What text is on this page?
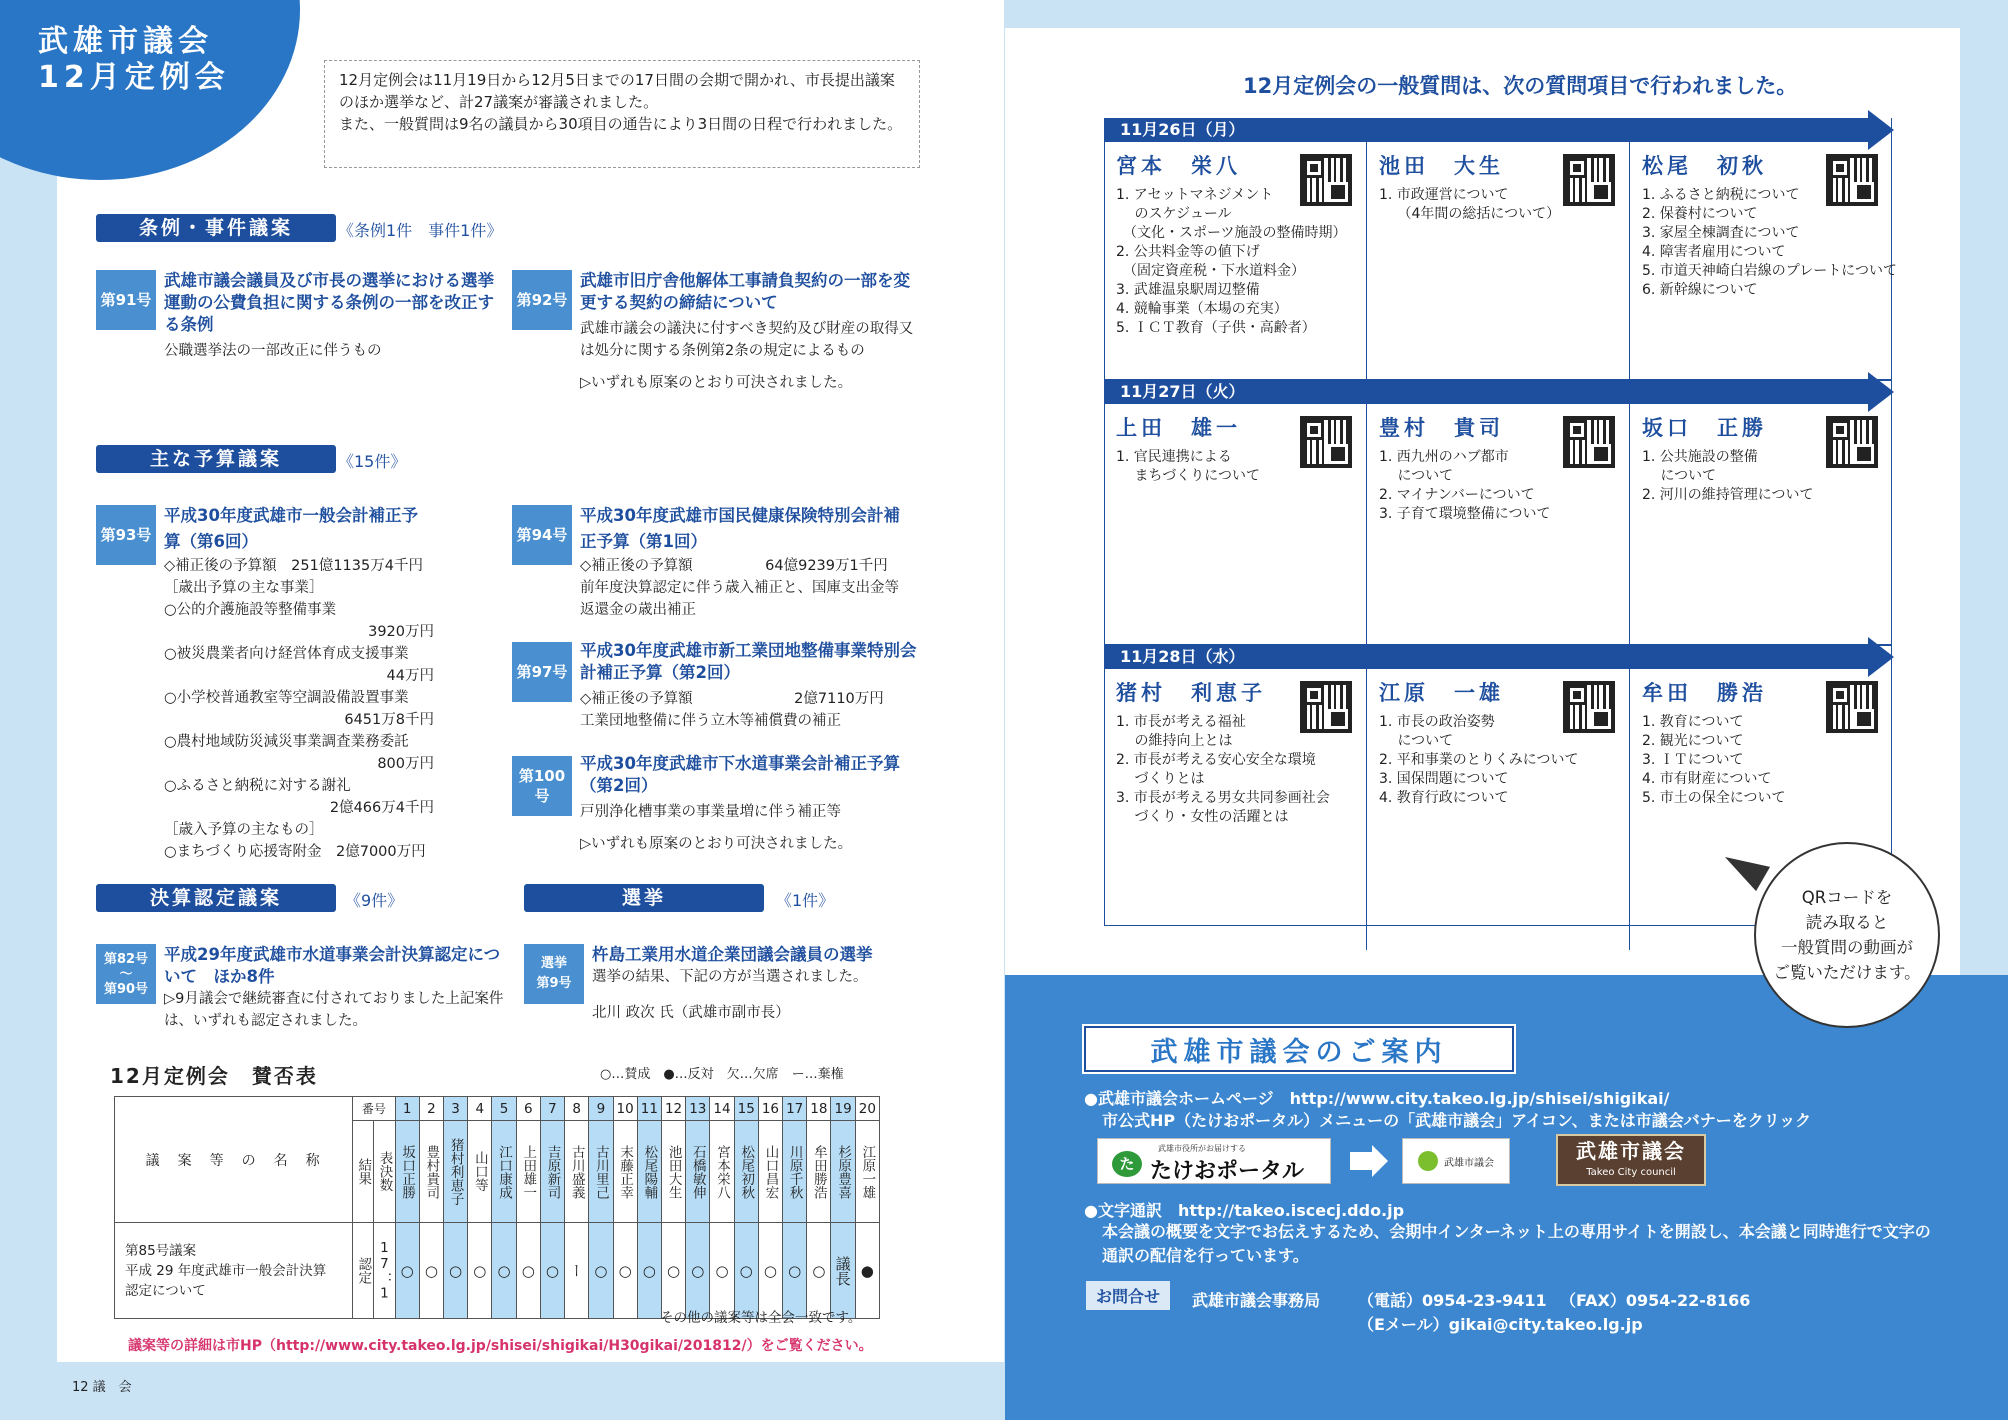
武雄市議会
12月定例会	12月定例会は11月19日から12月5日までの17日間の会期で開かれ、市長提出議案のほか選挙など、計27議案が審議されました。
また、一般質問は9名の議員から30項目の通告により3日間の日程で行われました。
条例・事件議案	《条例1件　事件1件》
第91号
武雄市議会議員及び市長の選挙における選挙運動の公費負担に関する条例の一部を改正する条例
公職選挙法の一部改正に伴うもの
第92号
武雄市旧庁舎他解体工事請負契約の一部を変更する契約の締結について
武雄市議会の議決に付すべき契約及び財産の取得又は処分に関する条例第2条の規定によるもの
▷いずれも原案のとおり可決されました。
主な予算議案	《15件》
第93号
平成30年度武雄市一般会計補正予算（第6回）
◇補正後の予算額　251億1135万4千円
［歳出予算の主な事業］
○公的介護施設等整備事業
3920万円
○被災農業者向け経営体育成支援事業
44万円
○小学校普通教室等空調設備設置事業
6451万8千円
○農村地域防災減災事業調査業務委託
800万円
○ふるさと納税に対する謝礼
2億466万4千円
［歳入予算の主なもの］
○まちづくり応援寄附金　2億7000万円
第94号
平成30年度武雄市国民健康保険特別会計補正予算（第1回）
◇補正後の予算額　　　　　64億9239万1千円
前年度決算認定に伴う歳入補正と、国庫支出金等返還金の歳出補正
第97号
平成30年度武雄市新工業団地整備事業特別会計補正予算（第2回）
◇補正後の予算額　　　　　　　2億7110万円
工業団地整備に伴う立木等補償費の補正
第100号
平成30年度武雄市下水道事業会計補正予算（第2回）
戸別浄化槽事業の事業量増に伴う補正等
▷いずれも原案のとおり可決されました。
決算認定議案	《9件》	選挙	《1件》
第82号
〜
第90号
平成29年度武雄市水道事業会計決算認定について　ほか8件
▷9月議会で継続審査に付されておりました上記案件は、いずれも認定されました。
選挙
第9号
杵島工業用水道企業団議会議員の選挙
選挙の結果、下記の方が当選されました。
北川 政次 氏（武雄市副市長）
12月定例会　賛否表	○…賛成　●…反対　欠…欠席　ー…棄権
議　案　等　の　名　称	番号		1	2	3	4	5	6	7	8	9	10	11	12	13	14	15	16	17	18	19	20

	結果	表決数	坂口正勝	豊村貴司	猪村利恵子	山口等	江口康成	上田雄一	吉原新司	古川盛義	古川里己	末藤正幸	松尾陽輔	池田大生	石橋敏伸	宮本栄八	松尾初秋	山口昌宏	川原千秋	牟田勝浩	杉原豊喜	江原一雄

第85号議案
平成 29 年度武雄市一般会計決算
認定について	認定	17：1	○	○	○	○	○	○	○	ー	○	○	○	○	○	○	○	○	○	○	議長	●
その他の議案等は全会一致です。
議案等の詳細は市HP（http://www.city.takeo.lg.jp/shisei/shigikai/H30gikai/201812/）をご覧ください。
12 議　会
12月定例会の一般質問は、次の質問項目で行われました。
11月26日（月）
宮本　栄八
1. アセットマネジメント
　 のスケジュール
　（文化・スポーツ施設の整備時期）
2. 公共料金等の値下げ
　（固定資産税・下水道料金）
3. 武雄温泉駅周辺整備
4. 競輪事業（本場の充実）
5. ＩＣＴ教育（子供・高齢者）
池田　大生
1. 市政運営について
　 （4年間の総括について）
松尾　初秋
1. ふるさと納税について
2. 保養村について
3. 家屋全棟調査について
4. 障害者雇用について
5. 市道天神崎白岩線のプレートについて
6. 新幹線について
11月27日（火）
上田　雄一
1. 官民連携による
　 まちづくりについて
豊村　貴司
1. 西九州のハブ都市
　 について
2. マイナンバーについて
3. 子育て環境整備について
坂口　正勝
1. 公共施設の整備
　 について
2. 河川の維持管理について
11月28日（水）
猪村　利恵子
1. 市長が考える福祉
　 の維持向上とは
2. 市長が考える安心安全な環境
　 づくりとは
3. 市長が考える男女共同参画社会
　 づくり・女性の活躍とは
江原　一雄
1. 市長の政治姿勢
　 について
2. 平和事業のとりくみについて
3. 国保問題について
4. 教育行政について
牟田　勝浩
1. 教育について
2. 観光について
3. ＩＴについて
4. 市有財産について
5. 市土の保全について
QRコードを
読み取ると
一般質問の動画が
ご覧いただけます。
武雄市議会のご案内
●武雄市議会ホームページ　http://www.city.takeo.lg.jp/shisei/shigikai/
市公式HP（たけおポータル）メニューの「武雄市議会」アイコン、または市議会バナーをクリック
武雄市役所がお届けする
た たけおポータル	武雄市議会	武雄市議会
Takeo City council
●文字通訳　http://takeo.iscecj.ddo.jp
本会議の概要を文字でお伝えするため、会期中インターネット上の専用サイトを開設し、本会議と同時進行で文字の通訳の配信を行っています。
お問合せ	武雄市議会事務局 （電話）0954-23-9411 （FAX）0954-22-8166
（Eメール）gikai@city.takeo.lg.jp
